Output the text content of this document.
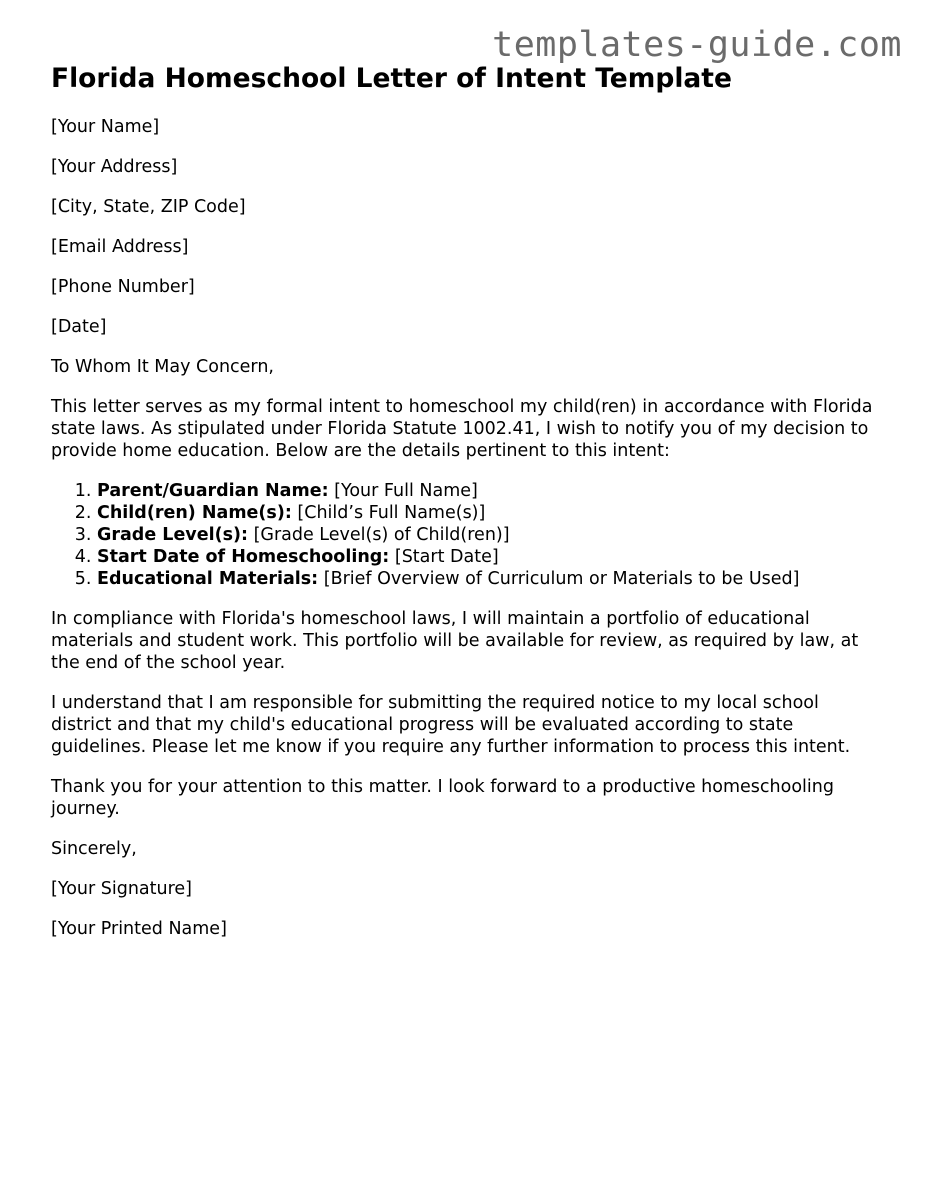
templates-guide.com
Florida Homeschool Letter of Intent Template

[Your Name]

[Your Address]

[City, State, ZIP Code]

[Email Address]

[Phone Number]

[Date]

To Whom It May Concern,

This letter serves as my formal intent to homeschool my child(ren) in accordance with Florida state laws. As stipulated under Florida Statute 1002.41, I wish to notify you of my decision to provide home education. Below are the details pertinent to this intent:

1. Parent/Guardian Name: [Your Full Name]
2. Child(ren) Name(s): [Child’s Full Name(s)]
3. Grade Level(s): [Grade Level(s) of Child(ren)]
4. Start Date of Homeschooling: [Start Date]
5. Educational Materials: [Brief Overview of Curriculum or Materials to be Used]

In compliance with Florida's homeschool laws, I will maintain a portfolio of educational materials and student work. This portfolio will be available for review, as required by law, at the end of the school year.

I understand that I am responsible for submitting the required notice to my local school district and that my child's educational progress will be evaluated according to state guidelines. Please let me know if you require any further information to process this intent.

Thank you for your attention to this matter. I look forward to a productive homeschooling journey.

Sincerely,

[Your Signature]

[Your Printed Name]
